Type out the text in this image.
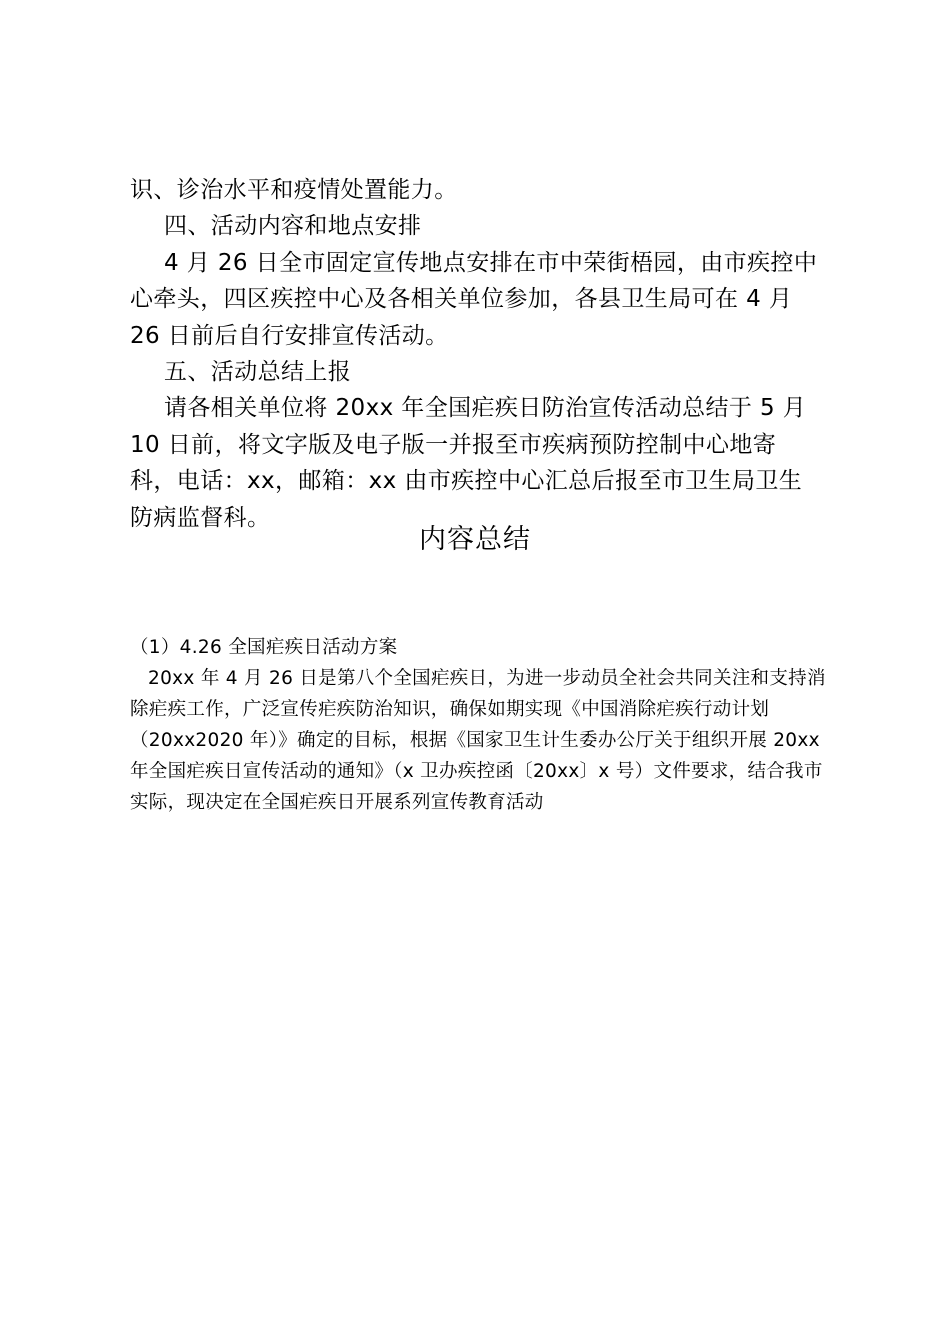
识、诊治水平和疫情处置能力。

四、活动内容和地点安排

4 月 26 日全市固定宣传地点安排在市中荣街梧园，由市疾控中心牵头，四区疾控中心及各相关单位参加，各县卫生局可在 4 月 26 日前后自行安排宣传活动。

五、活动总结上报

请各相关单位将 20xx 年全国疟疾日防治宣传活动总结于 5 月 10 日前，将文字版及电子版一并报至市疾病预防控制中心地寄科，电话：xx，邮箱：xx 由市疾控中心汇总后报至市卫生局卫生防病监督科。

内容总结

（1）4.26 全国疟疾日活动方案

20xx 年 4 月 26 日是第八个全国疟疾日，为进一步动员全社会共同关注和支持消除疟疾工作，广泛宣传疟疾防治知识，确保如期实现《中国消除疟疾行动计划（20xx2020 年）》确定的目标，根据《国家卫生计生委办公厅关于组织开展 20xx 年全国疟疾日宣传活动的通知》（x 卫办疾控函〔20xx〕x 号）文件要求，结合我市实际，现决定在全国疟疾日开展系列宣传教育活动
